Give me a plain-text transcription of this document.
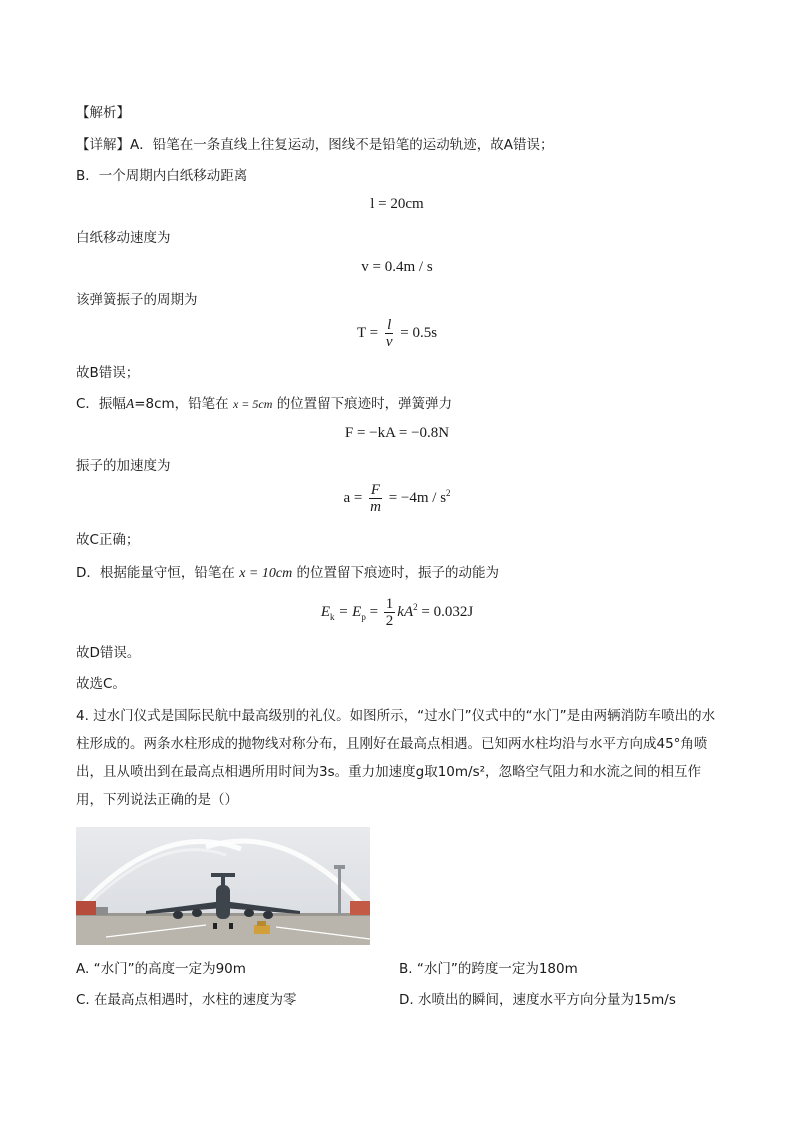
【解析】
【详解】A．铅笔在一条直线上往复运动，图线不是铅笔的运动轨迹，故A错误；
B．一个周期内白纸移动距离
l = 20cm
白纸移动速度为
v = 0.4m / s
该弹簧振子的周期为
$T = \frac{l}{v} = 0.5s$
故B错误；
C．振幅A=8cm，铅笔在 x = 5cm 的位置留下痕迹时，弹簧弹力
F = −kA = −0.8N
振子的加速度为
$a = \frac{F}{m} = -4m / s^2$
故C正确；
D．根据能量守恒，铅笔在 x = 10cm 的位置留下痕迹时，振子的动能为
$E_k = E_p = \frac{1}{2} kA^2 = 0.032J$
故D错误。
故选C。
4. 过水门仪式是国际民航中最高级别的礼仪。如图所示，“过水门”仪式中的“水门”是由两辆消防车喷出的水柱形成的。两条水柱形成的抛物线对称分布，且刚好在最高点相遇。已知两水柱均沿与水平方向成45°角喷出，且从喷出到在最高点相遇所用时间为3s。重力加速度g取10m/s²，忽略空气阻力和水流之间的相互作用，下列说法正确的是（）
A. “水门”的高度一定为90m	B. “水门”的跨度一定为180m
C. 在最高点相遇时，水柱的速度为零	D. 水喷出的瞬间，速度水平方向分量为15m/s
